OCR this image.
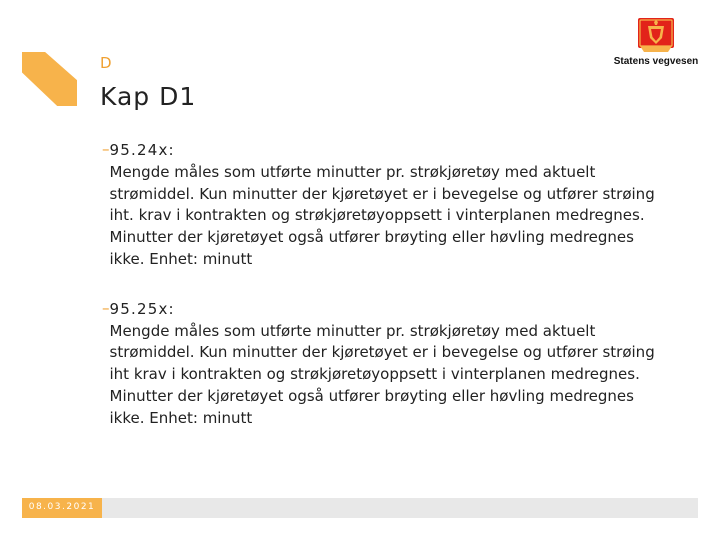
D
Kap D1
Statens vegvesen
– 95.24x:
Mengde måles som utførte minutter pr. strøkjøretøy med aktuelt strømiddel. Kun minutter der kjøretøyet er i bevegelse og utfører strøing iht. krav i kontrakten og strøkjøretøyoppsett i vinterplanen medregnes. Minutter der kjøretøyet også utfører brøyting eller høvling medregnes ikke. Enhet: minutt
– 95.25x:
Mengde måles som utførte minutter pr. strøkjøretøy med aktuelt strømiddel. Kun minutter der kjøretøyet er i bevegelse og utfører strøing iht krav i kontrakten og strøkjøretøyoppsett i vinterplanen medregnes. Minutter der kjøretøyet også utfører brøyting eller høvling medregnes ikke. Enhet: minutt
08.03.2021
